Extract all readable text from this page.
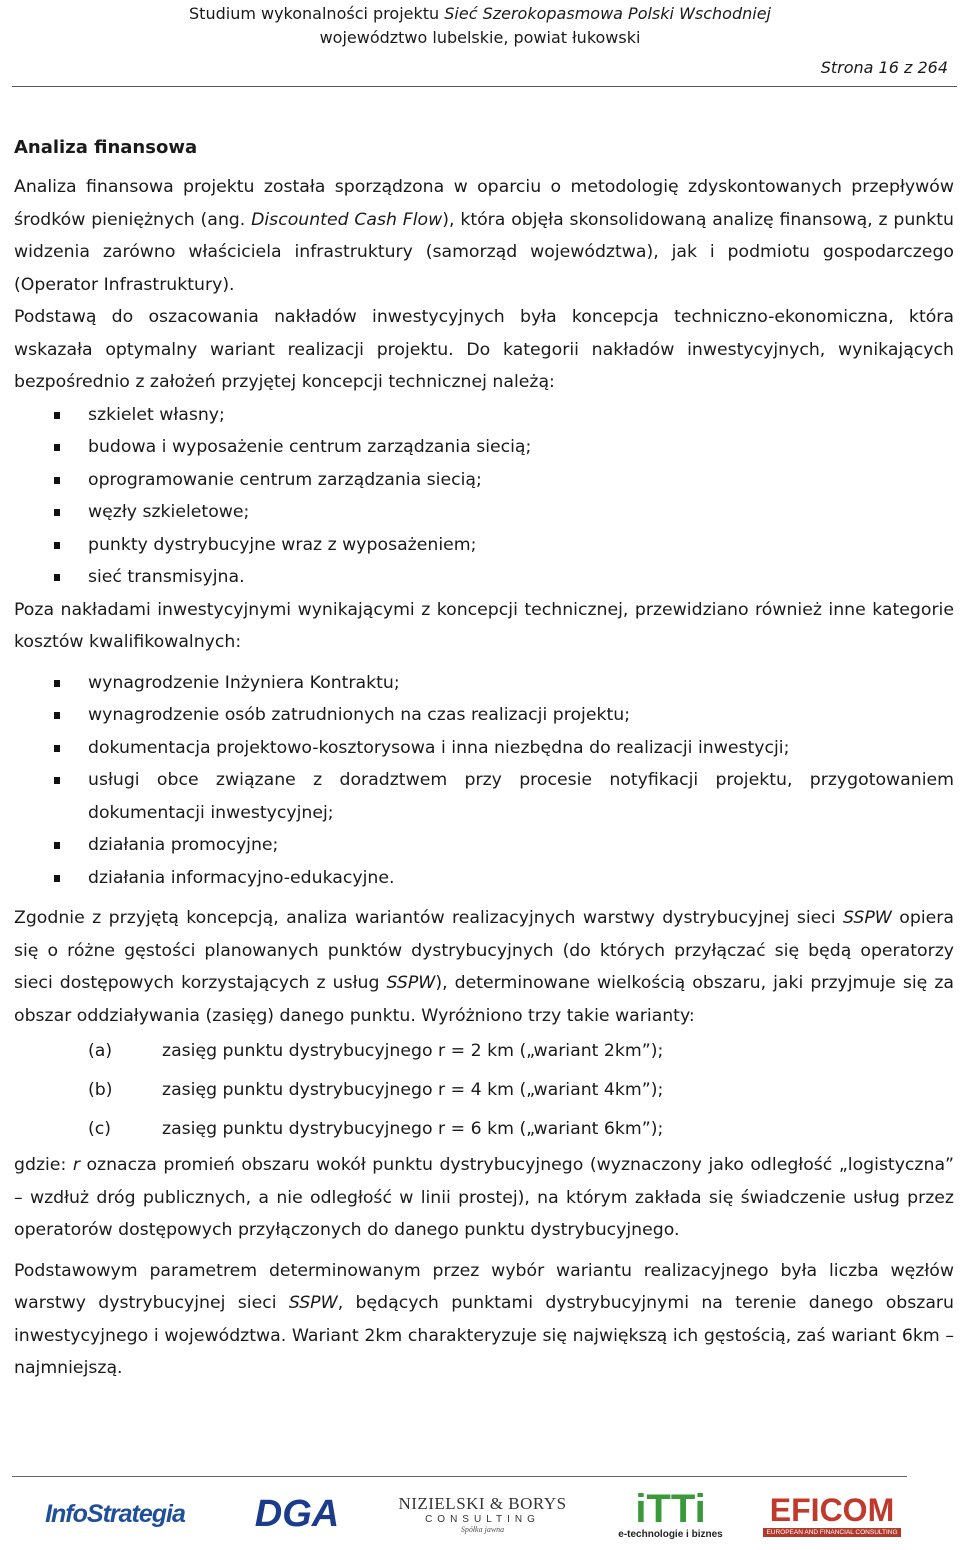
Studium wykonalności projektu Sieć Szerokopasmowa Polski Wschodniej
województwo lubelskie, powiat łukowski
Strona 16 z 264
Analiza finansowa

Analiza finansowa projektu została sporządzona w oparciu o metodologię zdyskontowanych przepływów środków pieniężnych (ang. Discounted Cash Flow), która objęła skonsolidowaną analizę finansową, z punktu widzenia zarówno właściciela infrastruktury (samorząd województwa), jak i podmiotu gospodarczego (Operator Infrastruktury).

Podstawą do oszacowania nakładów inwestycyjnych była koncepcja techniczno-ekonomiczna, która wskazała optymalny wariant realizacji projektu. Do kategorii nakładów inwestycyjnych, wynikających bezpośrednio z założeń przyjętej koncepcji technicznej należą:

szkielet własny;
budowa i wyposażenie centrum zarządzania siecią;
oprogramowanie centrum zarządzania siecią;
węzły szkieletowe;
punkty dystrybucyjne wraz z wyposażeniem;
sieć transmisyjna.

Poza nakładami inwestycyjnymi wynikającymi z koncepcji technicznej, przewidziano również inne kategorie kosztów kwalifikowalnych:

wynagrodzenie Inżyniera Kontraktu;
wynagrodzenie osób zatrudnionych na czas realizacji projektu;
dokumentacja projektowo-kosztorysowa i inna niezbędna do realizacji inwestycji;
usługi obce związane z doradztwem przy procesie notyfikacji projektu, przygotowaniem dokumentacji inwestycyjnej;
działania promocyjne;
działania informacyjno-edukacyjne.

Zgodnie z przyjętą koncepcją, analiza wariantów realizacyjnych warstwy dystrybucyjnej sieci SSPW opiera się o różne gęstości planowanych punktów dystrybucyjnych (do których przyłączać się będą operatorzy sieci dostępowych korzystających z usług SSPW), determinowane wielkością obszaru, jaki przyjmuje się za obszar oddziaływania (zasięg) danego punktu. Wyróżniono trzy takie warianty:

(a)	zasięg punktu dystrybucyjnego r = 2 km („wariant 2km”);
(b)	zasięg punktu dystrybucyjnego r = 4 km („wariant 4km”);
(c)	zasięg punktu dystrybucyjnego r = 6 km („wariant 6km”);

gdzie: r oznacza promień obszaru wokół punktu dystrybucyjnego (wyznaczony jako odległość „logistyczna” – wzdłuż dróg publicznych, a nie odległość w linii prostej), na którym zakłada się świadczenie usług przez operatorów dostępowych przyłączonych do danego punktu dystrybucyjnego.

Podstawowym parametrem determinowanym przez wybór wariantu realizacyjnego była liczba węzłów warstwy dystrybucyjnej sieci SSPW, będących punktami dystrybucyjnymi na terenie danego obszaru inwestycyjnego i województwa. Wariant 2km charakteryzuje się największą ich gęstością, zaś wariant 6km – najmniejszą.

InfoStrategia DGA	NIZIELSKI & BORYS
CONSULTING
Spółka jawna	iTTi
e-technologie i biznes
EFICOM
EUROPEAN AND FINANCIAL CONSULTING
